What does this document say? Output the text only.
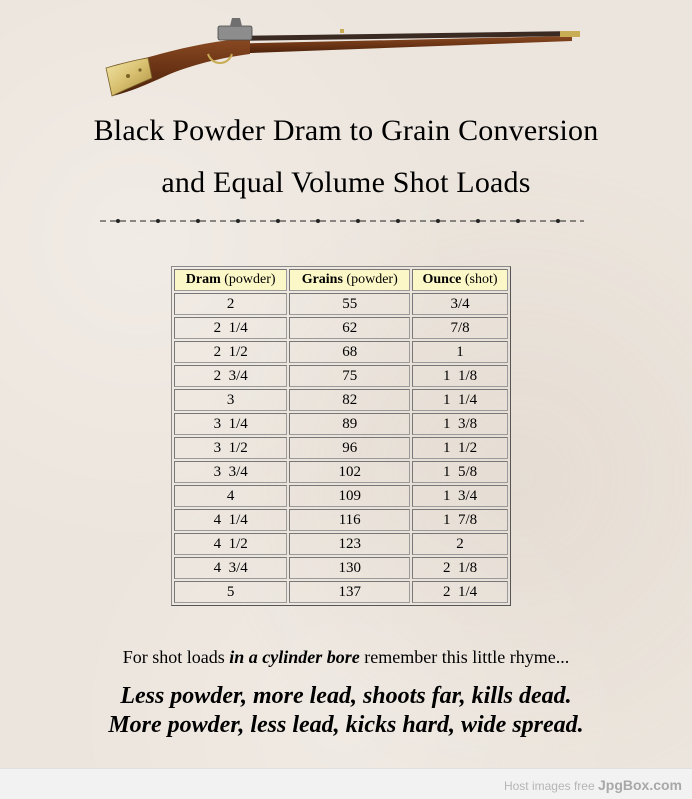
Black Powder Dram to Grain Conversion
and Equal Volume Shot Loads
Dram (powder)	Grains (powder)	Ounce (shot)
2	55	3/4
2  1/4	62	7/8
2  1/2	68	1
2  3/4	75	1  1/8
3	82	1  1/4
3  1/4	89	1  3/8
3  1/2	96	1  1/2
3  3/4	102	1  5/8
4	109	1  3/4
4  1/4	116	1  7/8
4  1/2	123	2
4  3/4	130	2  1/8
5	137	2  1/4
For shot loads in a cylinder bore remember this little rhyme...
Less powder, more lead, shoots far, kills dead.
More powder, less lead, kicks hard, wide spread.
Host images free JpgBox.com
